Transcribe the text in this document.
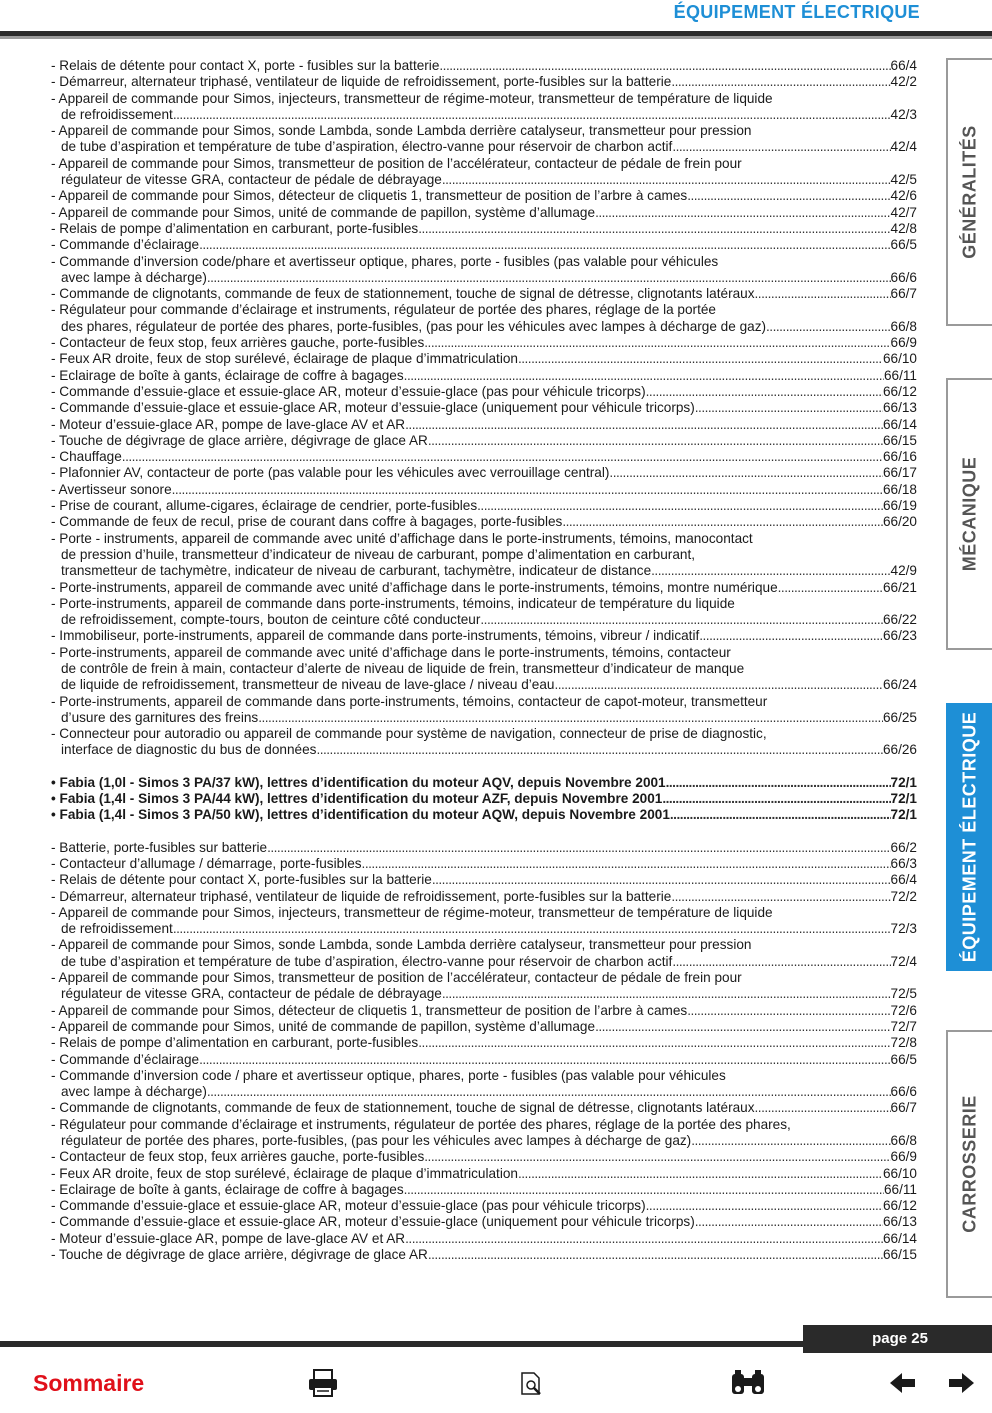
ÉQUIPEMENT ÉLECTRIQUE
- Relais de détente pour contact X, porte - fusibles sur la batterie .....	66/4
- Démarreur, alternateur triphasé, ventilateur de liquide de refroidissement, porte-fusibles sur la batterie .....	42/2
- Appareil de commande pour Simos, injecteurs, transmetteur de régime-moteur, transmetteur de température de liquide
de refroidissement .....	42/3
- Appareil de commande pour Simos, sonde Lambda, sonde Lambda derrière catalyseur, transmetteur pour pression
de tube d’aspiration et température de tube d’aspiration, électro-vanne pour réservoir de charbon actif .....	42/4
- Appareil de commande pour Simos, transmetteur de position de l’accélérateur, contacteur de pédale de frein pour
régulateur de vitesse GRA, contacteur de pédale de débrayage .....	42/5
- Appareil de commande pour Simos, détecteur de cliquetis 1, transmetteur de position de l’arbre à cames .....	42/6
- Appareil de commande pour Simos, unité de commande de papillon, système d’allumage .....	42/7
- Relais de pompe d’alimentation en carburant, porte-fusibles .....	42/8
- Commande d’éclairage .....	66/5
- Commande d’inversion code/phare et avertisseur optique, phares, porte - fusibles (pas valable pour véhicules
avec lampe à décharge) .....	66/6
- Commande de clignotants, commande de feux de stationnement, touche de signal de détresse, clignotants latéraux .....	66/7
- Régulateur pour commande d’éclairage et instruments, régulateur de portée des phares, réglage de la portée
des phares, régulateur de portée des phares, porte-fusibles, (pas pour les véhicules avec lampes à décharge de gaz) .....	66/8
- Contacteur de feux stop, feux arrières gauche, porte-fusibles .....	66/9
- Feux AR droite, feux de stop surélevé, éclairage de plaque d’immatriculation .....	66/10
- Eclairage de boîte à gants, éclairage de coffre à bagages .....	66/11
- Commande d’essuie-glace et essuie-glace AR, moteur d’essuie-glace (pas pour véhicule tricorps) .....	66/12
- Commande d’essuie-glace et essuie-glace AR, moteur d’essuie-glace (uniquement pour véhicule tricorps) .....	66/13
- Moteur d’essuie-glace AR, pompe de lave-glace AV et AR .....	66/14
- Touche de dégivrage de glace arrière, dégivrage de glace AR .....	66/15
- Chauffage .....	66/16
- Plafonnier AV, contacteur de porte (pas valable pour les véhicules avec verrouillage central) .....	66/17
- Avertisseur sonore .....	66/18
- Prise de courant, allume-cigares, éclairage de cendrier, porte-fusibles .....	66/19
- Commande de feux de recul, prise de courant dans coffre à bagages, porte-fusibles .....	66/20
- Porte - instruments, appareil de commande avec unité d’affichage dans le porte-instruments, témoins, manocontact
de pression d’huile, transmetteur d’indicateur de niveau de carburant, pompe d’alimentation en carburant,
transmetteur de tachymètre, indicateur de niveau de carburant, tachymètre, indicateur de distance .....	42/9
- Porte-instruments, appareil de commande avec unité d’affichage dans le porte-instruments, témoins, montre numérique .....	66/21
- Porte-instruments, appareil de commande dans porte-instruments, témoins, indicateur de température du liquide
de refroidissement, compte-tours, bouton de ceinture côté conducteur .....	66/22
- Immobiliseur, porte-instruments, appareil de commande dans porte-instruments, témoins, vibreur / indicatif .....	66/23
- Porte-instruments, appareil de commande avec unité d’affichage dans le porte-instruments, témoins, contacteur
de contrôle de frein à main, contacteur d’alerte de niveau de liquide de frein, transmetteur d’indicateur de manque
de liquide de refroidissement, transmetteur de niveau de lave-glace / niveau d’eau .....	66/24
- Porte-instruments, appareil de commande dans porte-instruments, témoins, contacteur de capot-moteur, transmetteur
d’usure des garnitures des freins .....	66/25
- Connecteur pour autoradio ou appareil de commande pour système de navigation, connecteur de prise de diagnostic,
interface de diagnostic du bus de données .....	66/26
• Fabia (1,0l - Simos 3 PA/37 kW), lettres d’identification du moteur AQV, depuis Novembre 2001 .....	72/1
• Fabia (1,4l - Simos 3 PA/44 kW), lettres d’identification du moteur AZF, depuis Novembre 2001 .....	72/1
• Fabia (1,4l - Simos 3 PA/50 kW), lettres d’identification du moteur AQW, depuis Novembre 2001 .....	72/1
- Batterie, porte-fusibles sur batterie .....	66/2
- Contacteur d’allumage / démarrage, porte-fusibles .....	66/3
- Relais de détente pour contact X, porte-fusibles sur la batterie .....	66/4
- Démarreur, alternateur triphasé, ventilateur de liquide de refroidissement, porte-fusibles sur la batterie .....	72/2
- Appareil de commande pour Simos, injecteurs, transmetteur de régime-moteur, transmetteur de température de liquide
de refroidissement .....	72/3
- Appareil de commande pour Simos, sonde Lambda, sonde Lambda derrière catalyseur, transmetteur pour pression
de tube d’aspiration et température de tube d’aspiration, électro-vanne pour réservoir de charbon actif .....	72/4
- Appareil de commande pour Simos, transmetteur de position de l’accélérateur, contacteur de pédale de frein pour
régulateur de vitesse GRA, contacteur de pédale de débrayage .....	72/5
- Appareil de commande pour Simos, détecteur de cliquetis 1, transmetteur de position de l’arbre à cames .....	72/6
- Appareil de commande pour Simos, unité de commande de papillon, système d’allumage .....	72/7
- Relais de pompe d’alimentation en carburant, porte-fusibles .....	72/8
- Commande d’éclairage .....	66/5
- Commande d’inversion code / phare et avertisseur optique, phares, porte - fusibles (pas valable pour véhicules
avec lampe à décharge) .....	66/6
- Commande de clignotants, commande de feux de stationnement, touche de signal de détresse, clignotants latéraux .....	66/7
- Régulateur pour commande d’éclairage et instruments, régulateur de portée des phares, réglage de la portée des phares,
régulateur de portée des phares, porte-fusibles, (pas pour les véhicules avec lampes à décharge de gaz) .....	66/8
- Contacteur de feux stop, feux arrières gauche, porte-fusibles .....	66/9
- Feux AR droite, feux de stop surélevé, éclairage de plaque d’immatriculation .....	66/10
- Eclairage de boîte à gants, éclairage de coffre à bagages .....	66/11
- Commande d’essuie-glace et essuie-glace AR, moteur d’essuie-glace (pas pour véhicule tricorps) .....	66/12
- Commande d’essuie-glace et essuie-glace AR, moteur d’essuie-glace (uniquement pour véhicule tricorps) .....	66/13
- Moteur d’essuie-glace AR, pompe de lave-glace AV et AR .....	66/14
- Touche de dégivrage de glace arrière, dégivrage de glace AR .....	66/15
GÉNÉRALITÉS
MÉCANIQUE
ÉQUIPEMENT ÉLECTRIQUE
CARROSSERIE
page 25
Sommaire
